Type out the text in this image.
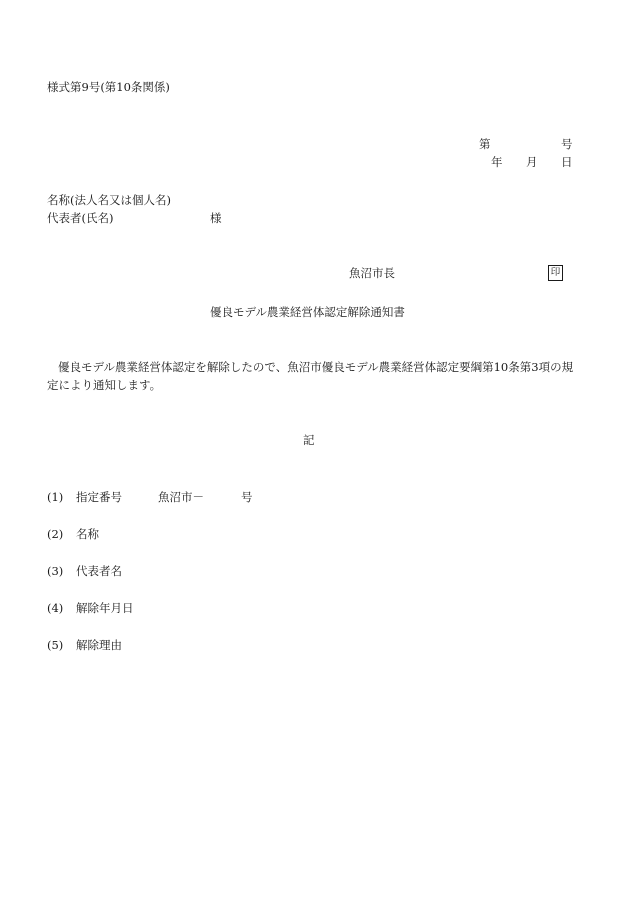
様式第9号(第10条関係)
第	号
年 月 日
名称(法人名又は個人名)
代表者(氏名)	様
魚沼市長	印
優良モデル農業経営体認定解除通知書
優良モデル農業経営体認定を解除したので、魚沼市優良モデル農業経営体認定要綱第10条第3項の規定により通知します。
記
(1) 指定番号	魚沼市－	号
(2) 名称
(3) 代表者名
(4) 解除年月日
(5) 解除理由
